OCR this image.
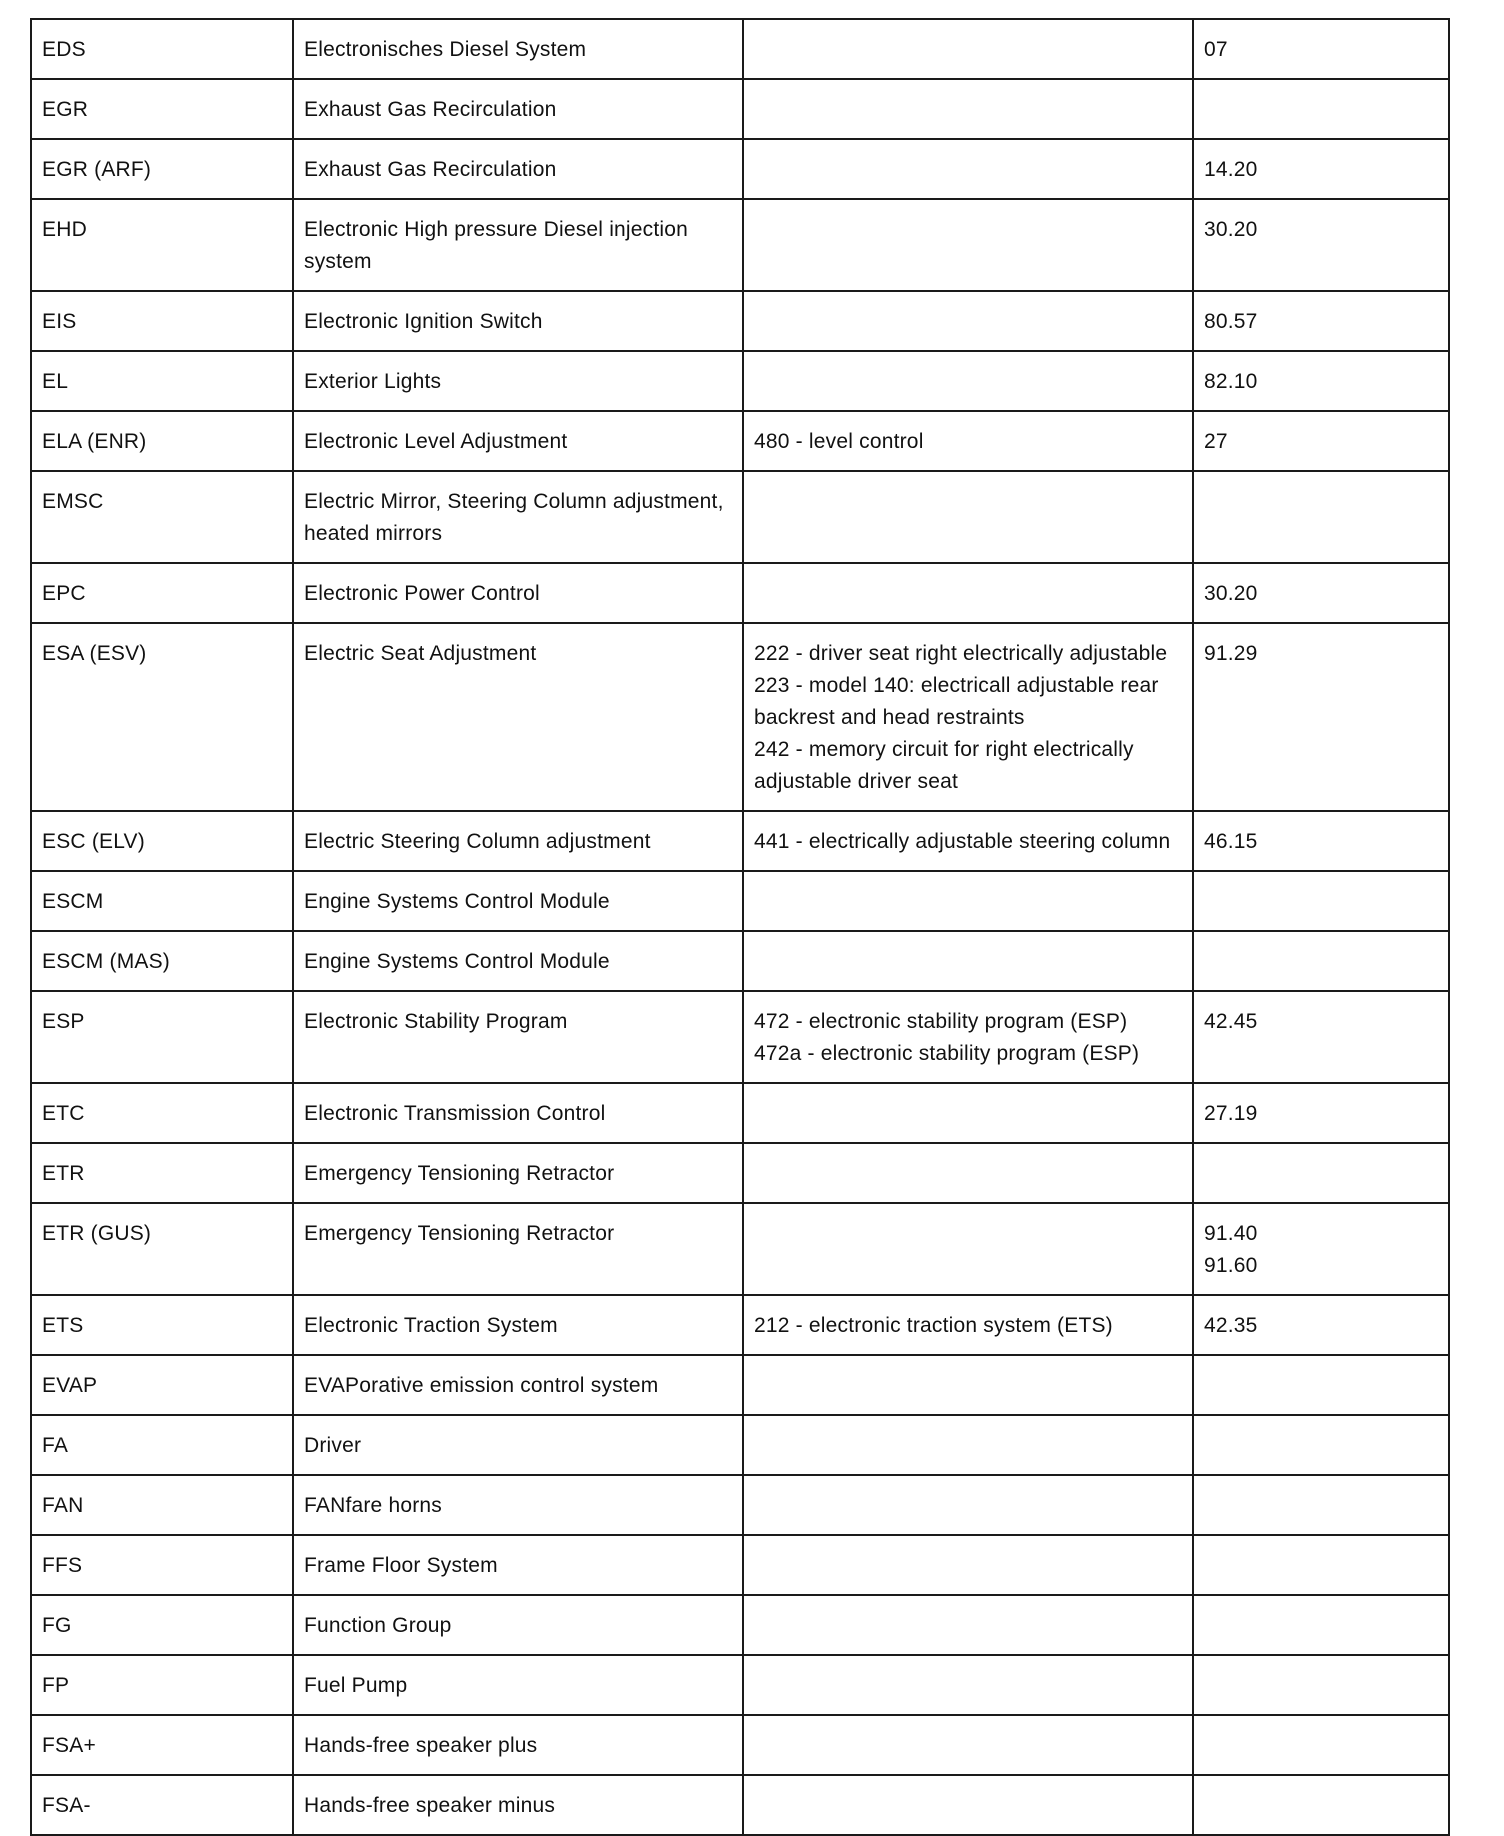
EDS	Electronisches Diesel System		07

EGR	Exhaust Gas Recirculation		
EGR (ARF)	Exhaust Gas Recirculation		14.20

EHD	Electronic High pressure Diesel injection system		30.20

EIS	Electronic Ignition Switch		80.57

EL	Exterior Lights		82.10

ELA (ENR)	Electronic Level Adjustment	480 - level control	27

EMSC	Electric Mirror, Steering Column adjustment, heated mirrors		
EPC	Electronic Power Control		30.20

ESA (ESV)	Electric Seat Adjustment	222 - driver seat right electrically adjustable
223 - model 140: electricall adjustable rear backrest and head restraints
242 - memory circuit for right electrically adjustable driver seat	91.29

ESC (ELV)	Electric Steering Column adjustment	441 - electrically adjustable steering column	46.15

ESCM	Engine Systems Control Module		
ESCM (MAS)	Engine Systems Control Module		
ESP	Electronic Stability Program	472 - electronic stability program (ESP)
472a - electronic stability program (ESP)	42.45

ETC	Electronic Transmission Control		27.19

ETR	Emergency Tensioning Retractor		
ETR (GUS)	Emergency Tensioning Retractor		91.40
91.60

ETS	Electronic Traction System	212 - electronic traction system (ETS)	42.35

EVAP	EVAPorative emission control system		
FA	Driver		
FAN	FANfare horns		
FFS	Frame Floor System		
FG	Function Group		
FP	Fuel Pump		
FSA+	Hands-free speaker plus		
FSA-	Hands-free speaker minus		
